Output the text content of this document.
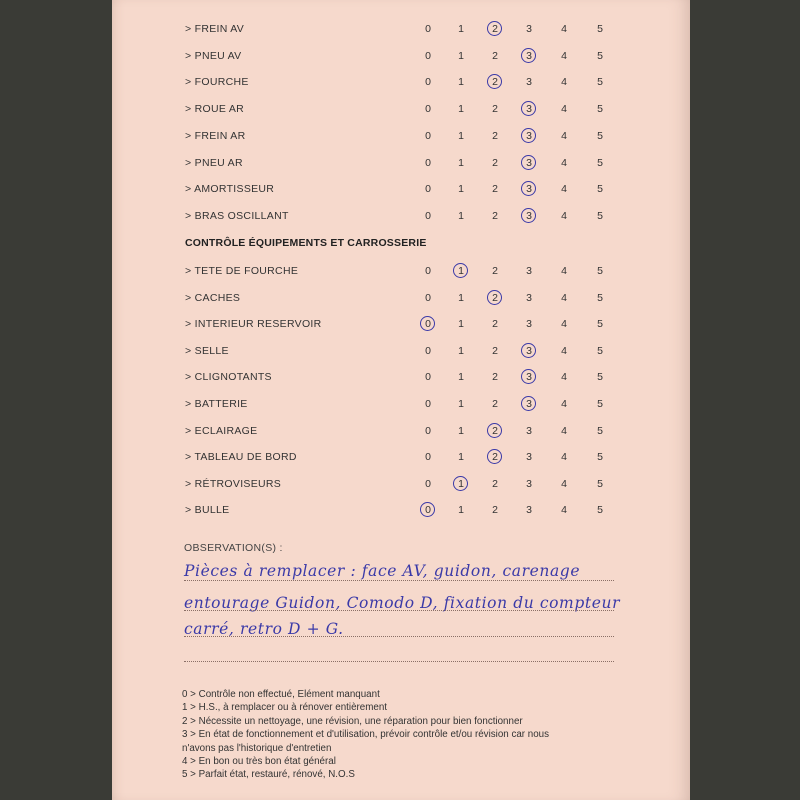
> FREIN AV	0	1	2	3	4	5
> PNEU AV	0	1	2	3	4	5
> FOURCHE	0	1	2	3	4	5
> ROUE AR	0	1	2	3	4	5
> FREIN AR	0	1	2	3	4	5
> PNEU AR	0	1	2	3	4	5
> AMORTISSEUR	0	1	2	3	4	5
> BRAS OSCILLANT	0	1	2	3	4	5
CONTRÔLE ÉQUIPEMENTS ET CARROSSERIE
> TETE DE FOURCHE	0	1	2	3	4	5
> CACHES	0	1	2	3	4	5
> INTERIEUR RESERVOIR	0	1	2	3	4	5
> SELLE	0	1	2	3	4	5
> CLIGNOTANTS	0	1	2	3	4	5
> BATTERIE	0	1	2	3	4	5
> ECLAIRAGE	0	1	2	3	4	5
> TABLEAU DE BORD	0	1	2	3	4	5
> RÉTROVISEURS	0	1	2	3	4	5
> BULLE	0	1	2	3	4	5
OBSERVATION(S) :
Pièces à remplacer : face AV, guidon, carenage
entourage Guidon, Comodo D, fixation du compteur
carré, retro D + G.
0 > Contrôle non effectué, Elément manquant
1 > H.S., à remplacer ou à rénover entièrement
2 > Nécessite un nettoyage, une révision, une réparation pour bien fonctionner
3 > En état de fonctionnement et d'utilisation, prévoir contrôle et/ou révision car nous
n'avons pas l'historique d'entretien
4 > En bon ou très bon état général
5 > Parfait état, restauré, rénové, N.O.S
